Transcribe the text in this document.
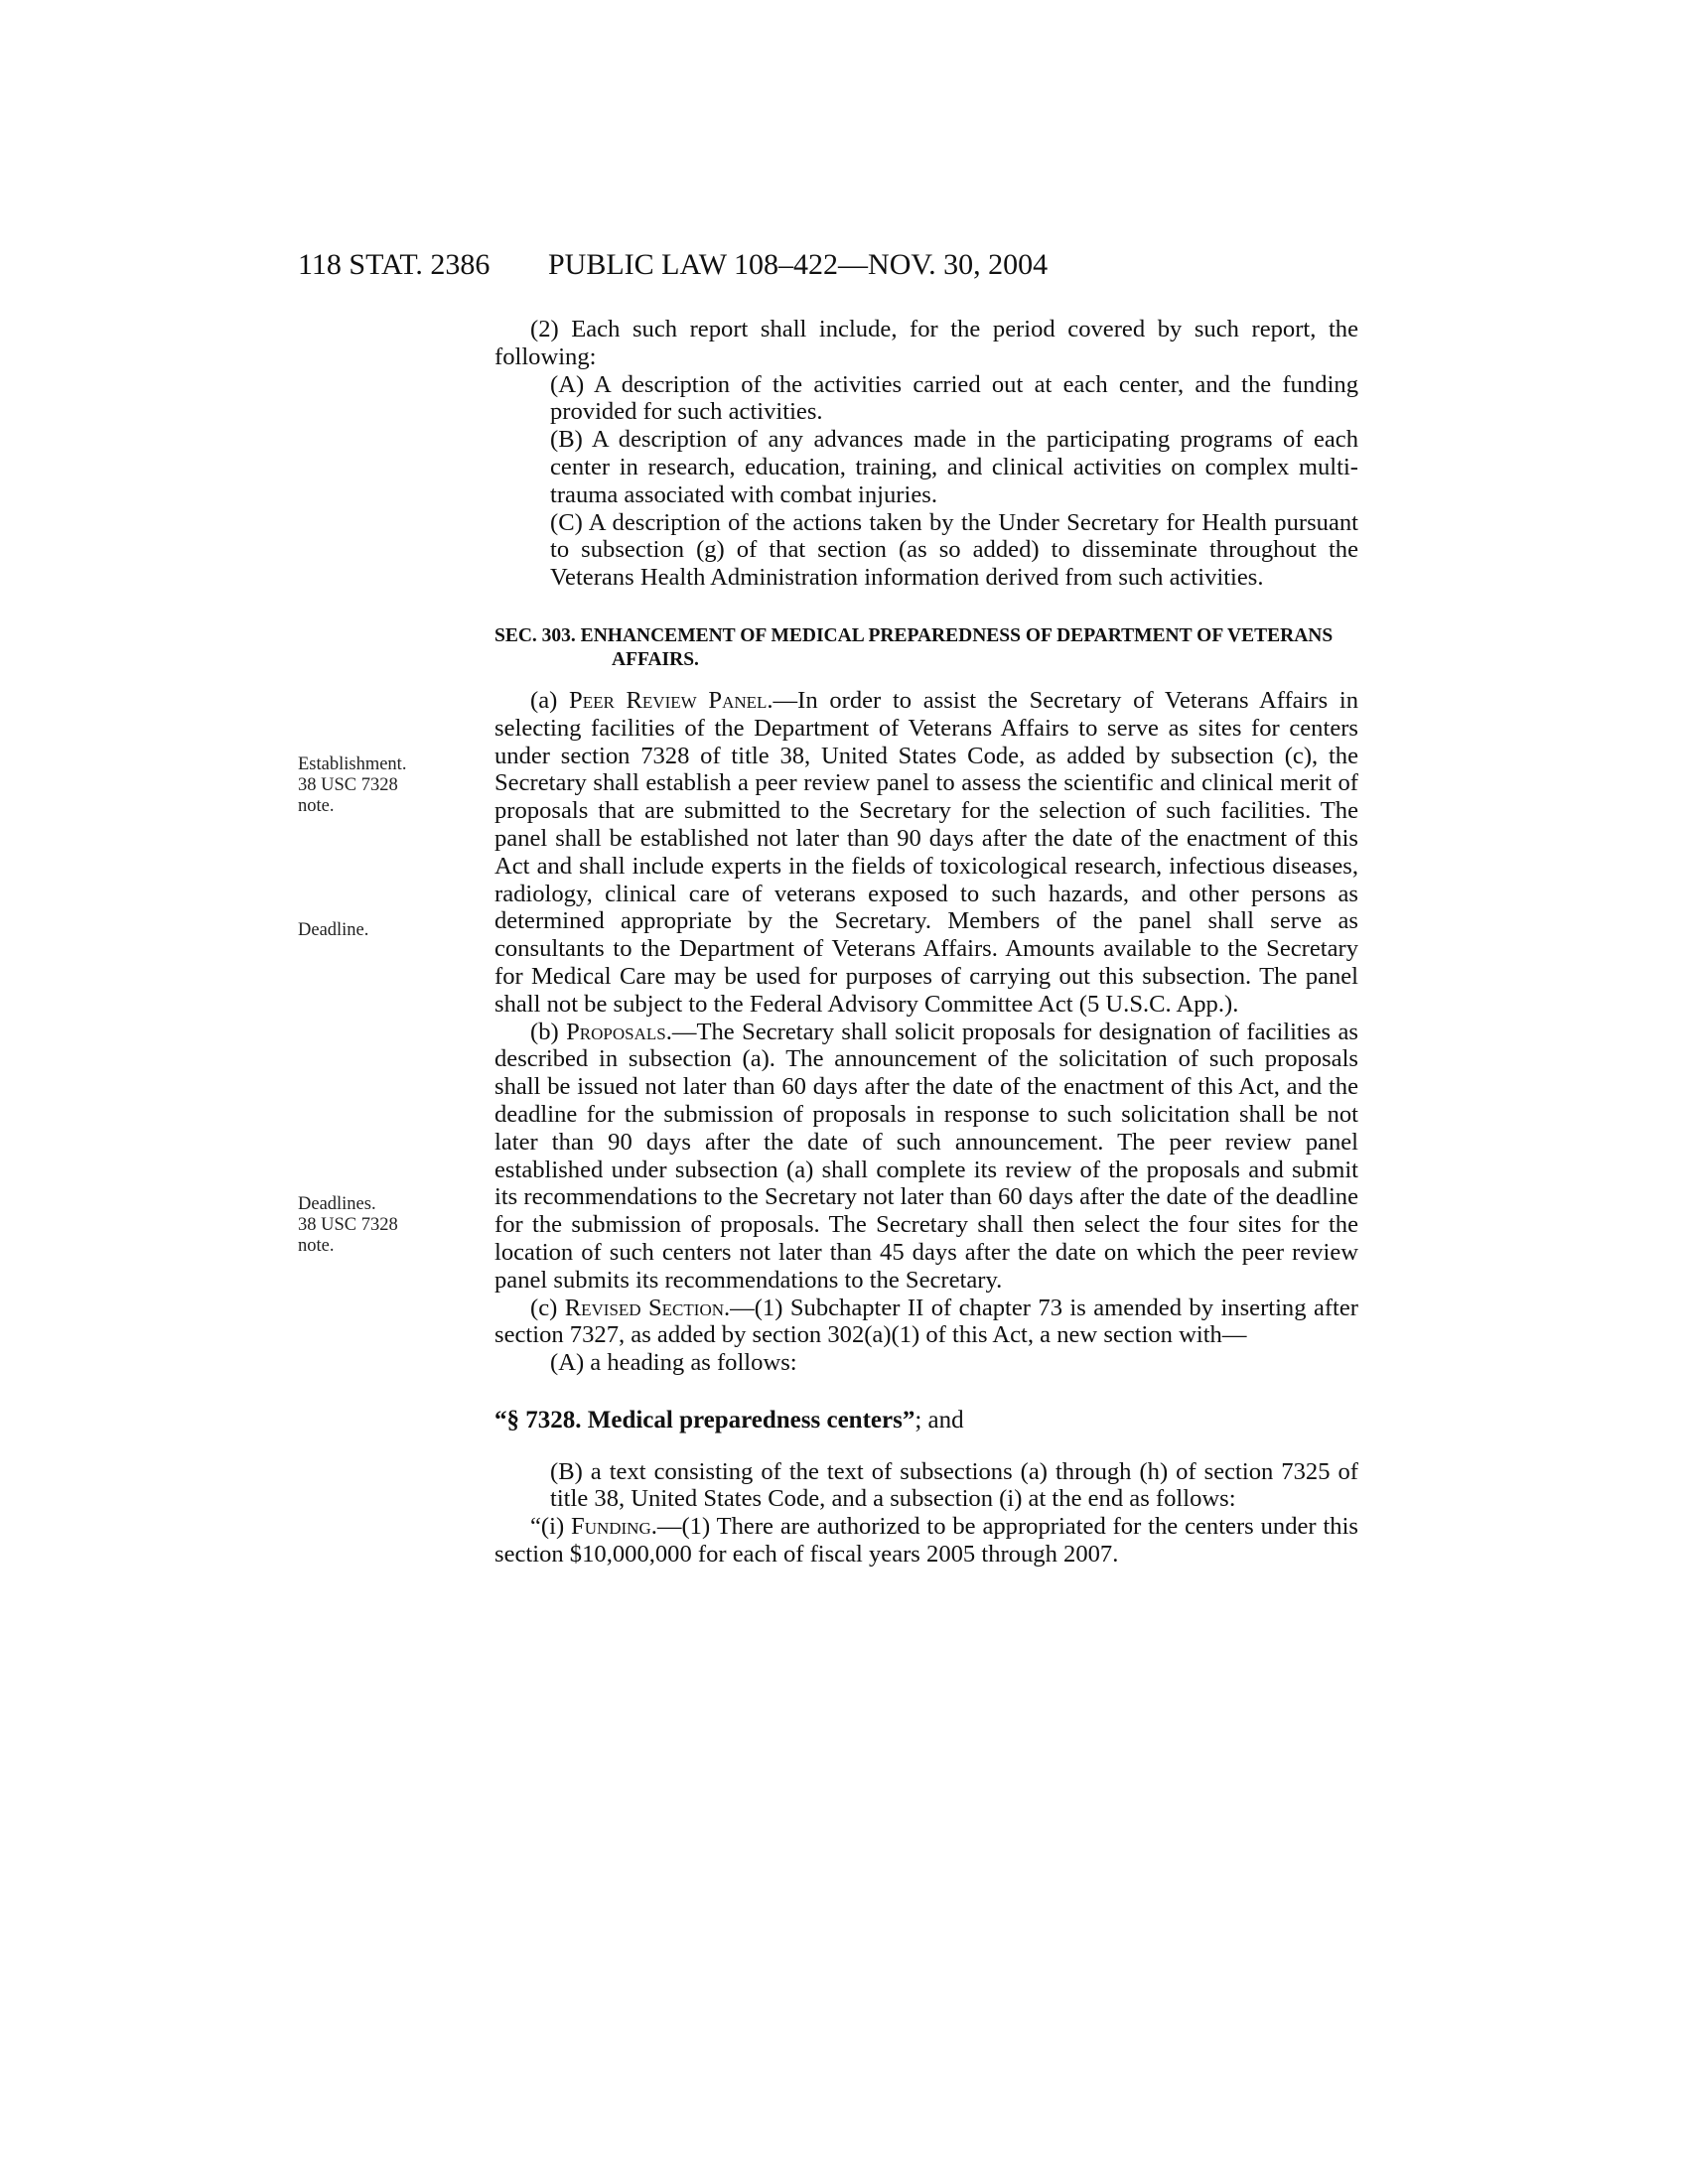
118 STAT. 2386 PUBLIC LAW 108–422—NOV. 30, 2004
Establishment.
38 USC 7328
note.
Deadline.
Deadlines.
38 USC 7328
note.

(2) Each such report shall include, for the period covered by such report, the following:

(A) A description of the activities carried out at each center, and the funding provided for such activities.

(B) A description of any advances made in the participating programs of each center in research, education, training, and clinical activities on complex multi-trauma associated with combat injuries.

(C) A description of the actions taken by the Under Secretary for Health pursuant to subsection (g) of that section (as so added) to disseminate throughout the Veterans Health Administration information derived from such activities.

SEC. 303. ENHANCEMENT OF MEDICAL PREPAREDNESS OF DEPARTMENT OF VETERANS AFFAIRS.

(a) Peer Review Panel.—In order to assist the Secretary of Veterans Affairs in selecting facilities of the Department of Veterans Affairs to serve as sites for centers under section 7328 of title 38, United States Code, as added by subsection (c), the Secretary shall establish a peer review panel to assess the scientific and clinical merit of proposals that are submitted to the Secretary for the selection of such facilities. The panel shall be established not later than 90 days after the date of the enactment of this Act and shall include experts in the fields of toxicological research, infectious diseases, radiology, clinical care of veterans exposed to such hazards, and other persons as determined appropriate by the Secretary. Members of the panel shall serve as consultants to the Department of Veterans Affairs. Amounts available to the Secretary for Medical Care may be used for purposes of carrying out this subsection. The panel shall not be subject to the Federal Advisory Committee Act (5 U.S.C. App.).

(b) Proposals.—The Secretary shall solicit proposals for designation of facilities as described in subsection (a). The announcement of the solicitation of such proposals shall be issued not later than 60 days after the date of the enactment of this Act, and the deadline for the submission of proposals in response to such solicitation shall be not later than 90 days after the date of such announcement. The peer review panel established under subsection (a) shall complete its review of the proposals and submit its recommendations to the Secretary not later than 60 days after the date of the deadline for the submission of proposals. The Secretary shall then select the four sites for the location of such centers not later than 45 days after the date on which the peer review panel submits its recommendations to the Secretary.

(c) Revised Section.—(1) Subchapter II of chapter 73 is amended by inserting after section 7327, as added by section 302(a)(1) of this Act, a new section with—

(A) a heading as follows:

“§ 7328. Medical preparedness centers”; and

(B) a text consisting of the text of subsections (a) through (h) of section 7325 of title 38, United States Code, and a subsection (i) at the end as follows:

“(i) Funding.—(1) There are authorized to be appropriated for the centers under this section $10,000,000 for each of fiscal years 2005 through 2007.
